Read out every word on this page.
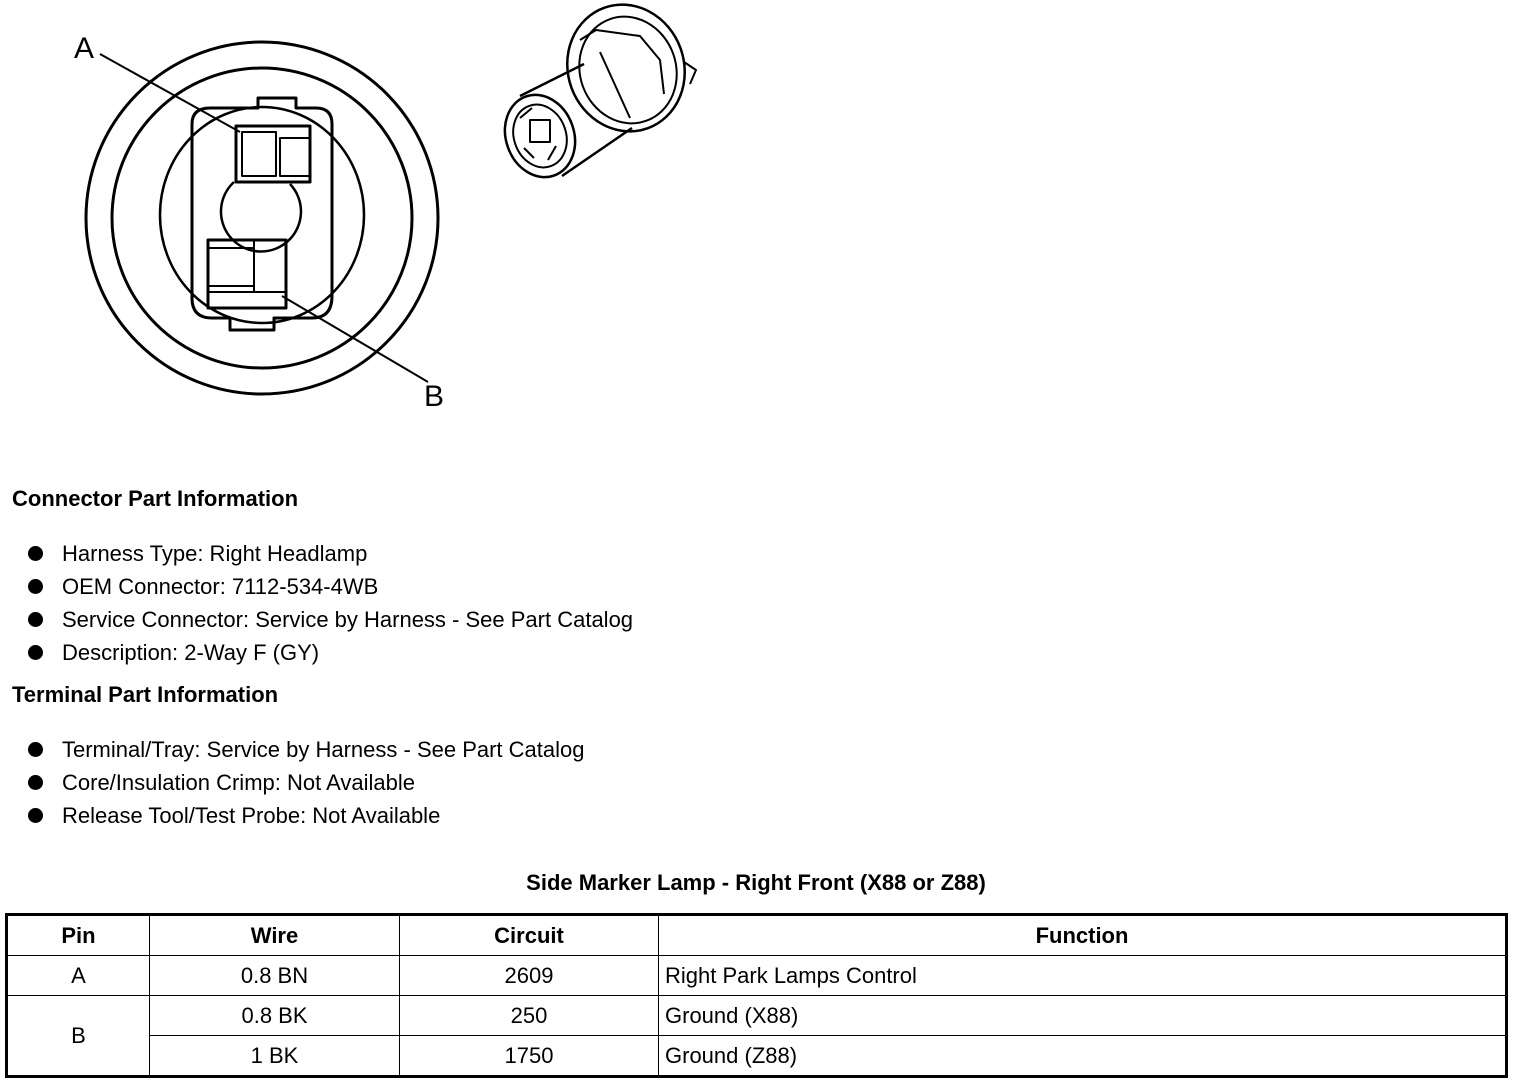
A
B
Connector Part Information
Harness Type: Right Headlamp
OEM Connector: 7112-534-4WB
Service Connector: Service by Harness - See Part Catalog
Description: 2-Way F (GY)
Terminal Part Information
Terminal/Tray: Service by Harness - See Part Catalog
Core/Insulation Crimp: Not Available
Release Tool/Test Probe: Not Available
Side Marker Lamp - Right Front (X88 or Z88)
Pin	Wire	Circuit	Function
A	0.8 BN	2609	Right Park Lamps Control
B	0.8 BK	250	Ground (X88)
	1 BK	1750	Ground (Z88)
